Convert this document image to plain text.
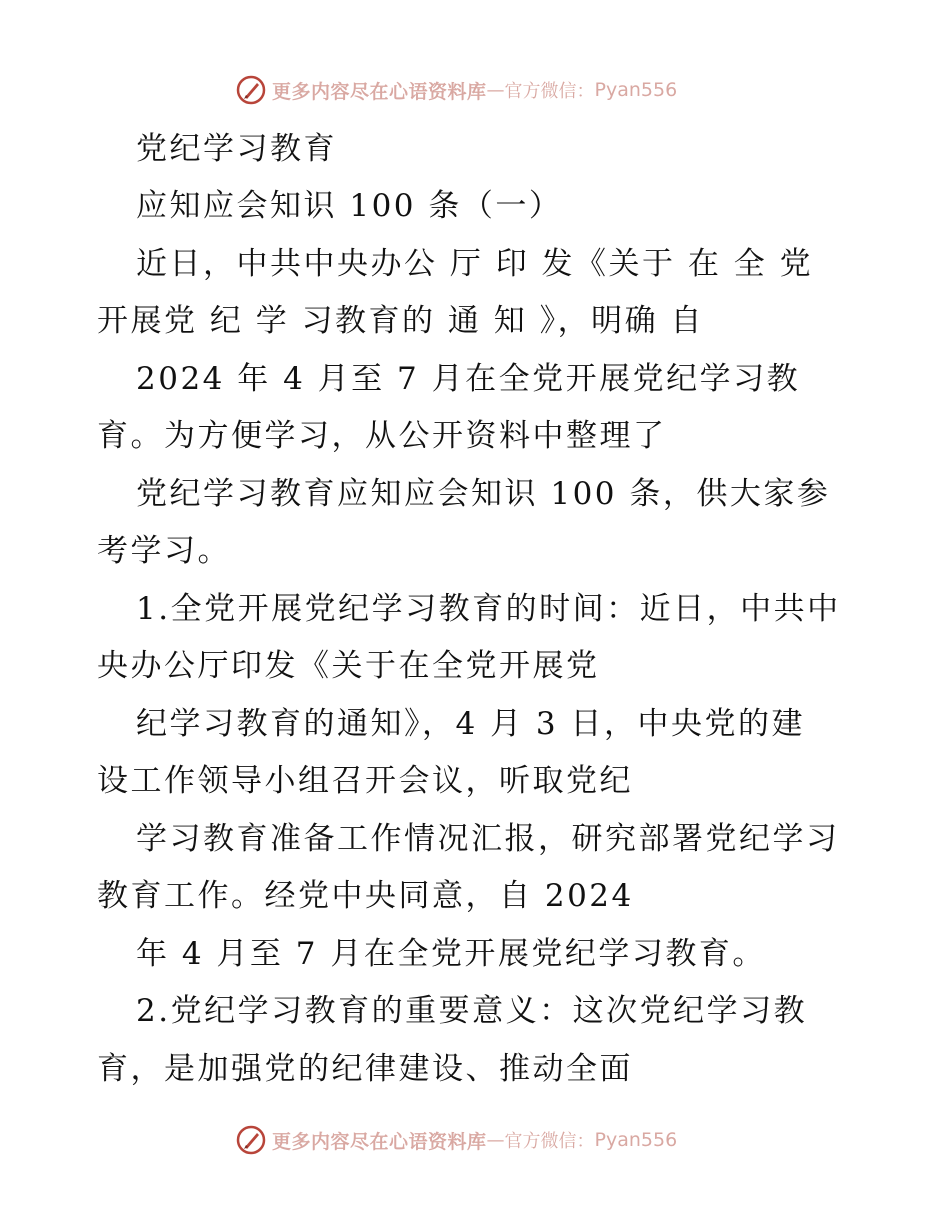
更多内容尽在心语资料库 — 官方微信： Pyan556
党纪学习教育
应知应会知识 100 条（一）
近日，中共中央办公 厅 印 发《关于 在 全 党
开展党 纪 学 习教育的 通 知 》，明确 自
2024 年 4 月至 7 月在全党开展党纪学习教
育。为方便学习，从公开资料中整理了
党纪学习教育应知应会知识 100 条，供大家参
考学习。
1.全党开展党纪学习教育的时间：近日，中共中
央办公厅印发《关于在全党开展党
纪学习教育的通知》，4 月 3 日，中央党的建
设工作领导小组召开会议，听取党纪
学习教育准备工作情况汇报，研究部署党纪学习
教育工作。经党中央同意，自 2024
年 4 月至 7 月在全党开展党纪学习教育。
2.党纪学习教育的重要意义：这次党纪学习教
育，是加强党的纪律建设、推动全面
更多内容尽在心语资料库 — 官方微信： Pyan556
